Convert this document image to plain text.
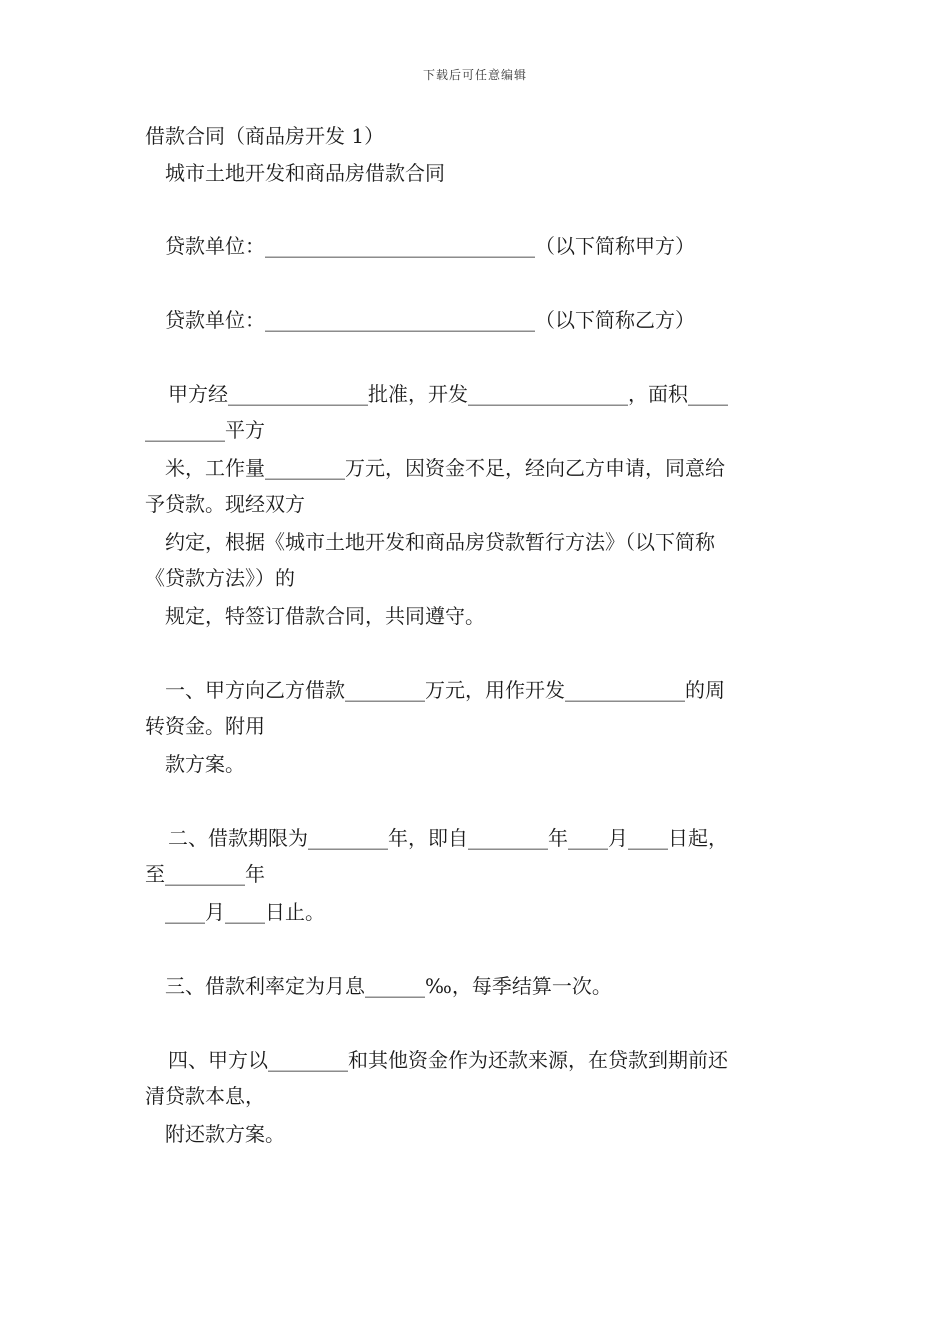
下载后可任意编辑
借款合同（商品房开发 1）
城市土地开发和商品房借款合同
贷款单位：___________________________（以下简称甲方）
贷款单位：___________________________（以下简称乙方）
甲方经______________批准，开发________________，面积____
________平方
米，工作量________万元，因资金不足，经向乙方申请，同意给
予贷款。现经双方
约定，根据《城市土地开发和商品房贷款暂行方法》（以下简称
《贷款方法》）的
规定，特签订借款合同，共同遵守。
一、甲方向乙方借款________万元，用作开发____________的周
转资金。附用
款方案。
二、借款期限为________年，即自________年____月____日起，
至________年
____月____日止。
三、借款利率定为月息______‰，每季结算一次。
四、甲方以________和其他资金作为还款来源，在贷款到期前还
清贷款本息，
附还款方案。
